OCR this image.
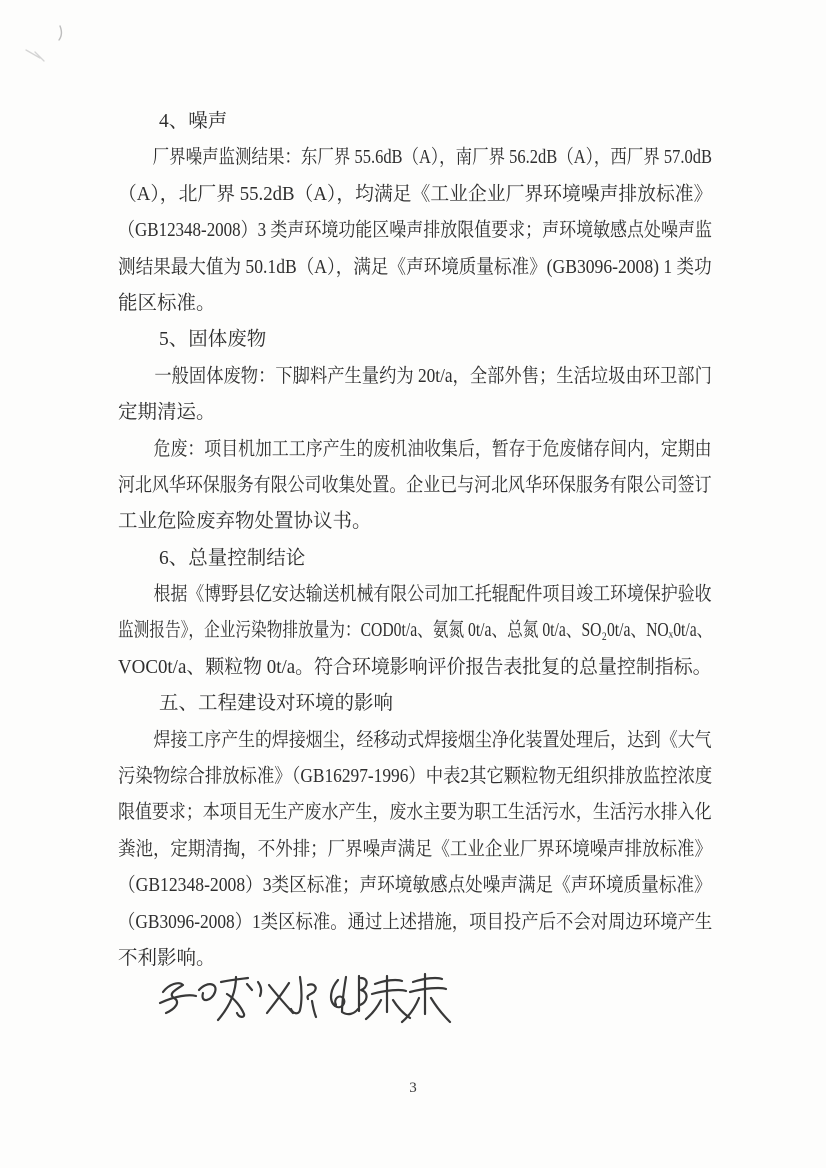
4、噪声
厂界噪声监测结果：东厂界 55.6dB（A），南厂界 56.2dB（A），西厂界 57.0dB
（A），北厂界 55.2dB（A），均满足《工业企业厂界环境噪声排放标准》
（GB12348-2008）3 类声环境功能区噪声排放限值要求；声环境敏感点处噪声监
测结果最大值为 50.1dB（A），满足《声环境质量标准》(GB3096-2008) 1 类功
能区标准。
5、固体废物
一般固体废物：下脚料产生量约为 20t/a，全部外售；生活垃圾由环卫部门
定期清运。
危废：项目机加工工序产生的废机油收集后，暂存于危废储存间内，定期由
河北风华环保服务有限公司收集处置。企业已与河北风华环保服务有限公司签订
工业危险废弃物处置协议书。
6、总量控制结论
根据《博野县亿安达输送机械有限公司加工托辊配件项目竣工环境保护验收
监测报告》，企业污染物排放量为：COD0t/a、氨氮 0t/a、总氮 0t/a、SO₂0t/a、NOₓ0t/a、
VOC0t/a、颗粒物 0t/a。符合环境影响评价报告表批复的总量控制指标。
五、工程建设对环境的影响
焊接工序产生的焊接烟尘，经移动式焊接烟尘净化装置处理后，达到《大气
污染物综合排放标准》（GB16297-1996）中表2其它颗粒物无组织排放监控浓度
限值要求；本项目无生产废水产生，废水主要为职工生活污水，生活污水排入化
粪池，定期清掏，不外排；厂界噪声满足《工业企业厂界环境噪声排放标准》
（GB12348-2008）3类区标准；声环境敏感点处噪声满足《声环境质量标准》
（GB3096-2008）1类区标准。通过上述措施，项目投产后不会对周边环境产生
不利影响。
3
